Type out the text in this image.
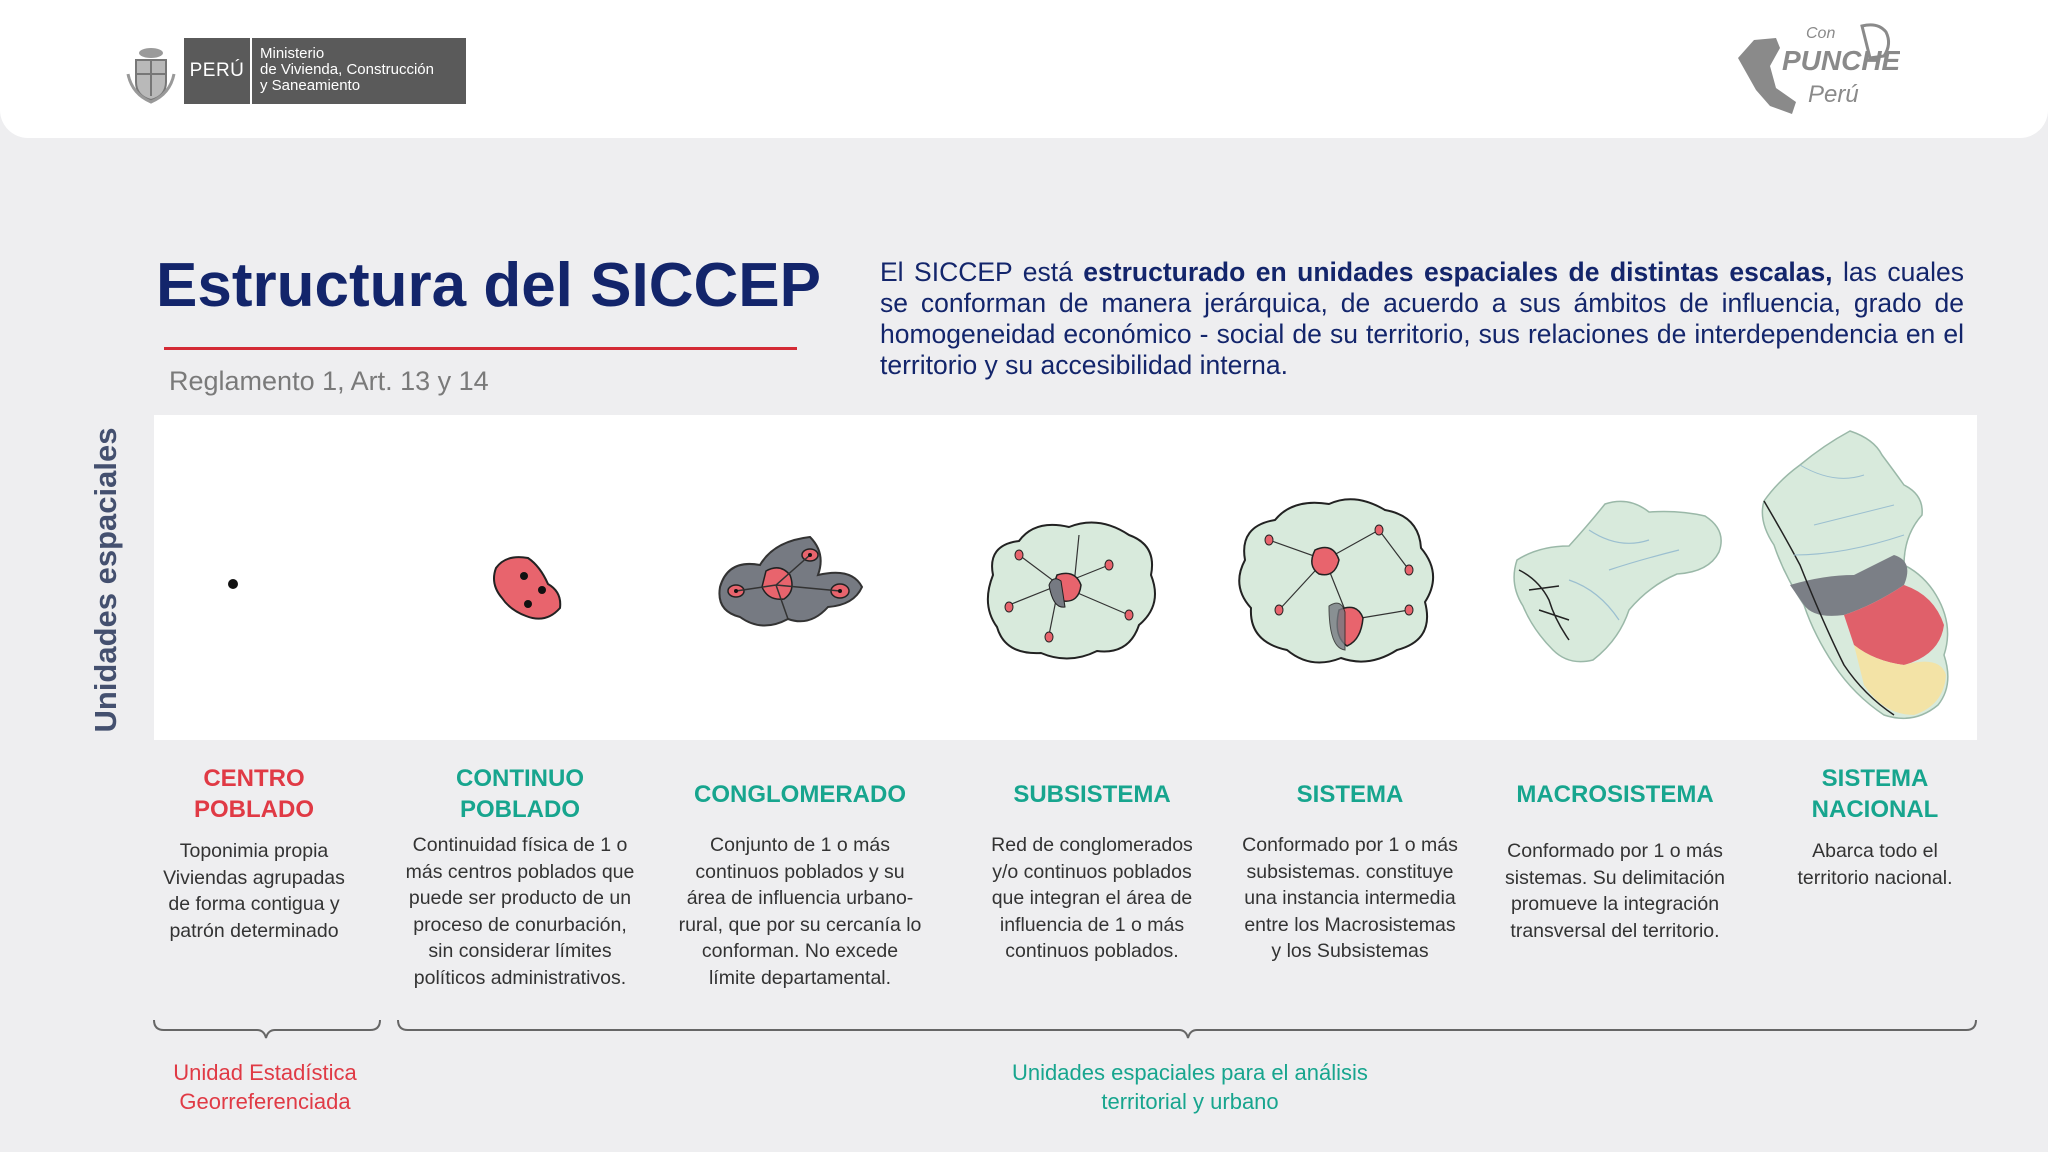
PERÚ
Ministerio
de Vivienda, Construcción
y Saneamiento
Con
PUNCHE
Perú
Estructura del SICCEP
Reglamento 1, Art. 13 y 14
El SICCEP está estructurado en unidades espaciales de distintas escalas, las cuales se conforman de manera jerárquica, de acuerdo a sus ámbitos de influencia, grado de homogeneidad económico - social de su territorio, sus relaciones de interdependencia en el territorio y su accesibilidad interna.
Unidades espaciales
CENTRO POBLADO
Toponimia propia Viviendas agrupadas de forma contigua y patrón determinado
CONTINUO POBLADO
Continuidad física de 1 o más centros poblados que puede ser producto de un proceso de conurbación, sin considerar límites políticos administrativos.
CONGLOMERADO
Conjunto de 1 o más continuos poblados y su área de influencia urbano-rural, que por su cercanía lo conforman. No excede límite departamental.
SUBSISTEMA
Red de conglomerados y/o continuos poblados que integran el área de influencia de 1 o más continuos poblados.
SISTEMA
Conformado por 1 o más subsistemas. constituye una instancia intermedia entre los Macrosistemas y los Subsistemas
MACROSISTEMA
Conformado por 1 o más sistemas. Su delimitación promueve la integración transversal del territorio.
SISTEMA NACIONAL
Abarca todo el territorio nacional.
Unidad Estadística Georreferenciada
Unidades espaciales para el análisis territorial y urbano
